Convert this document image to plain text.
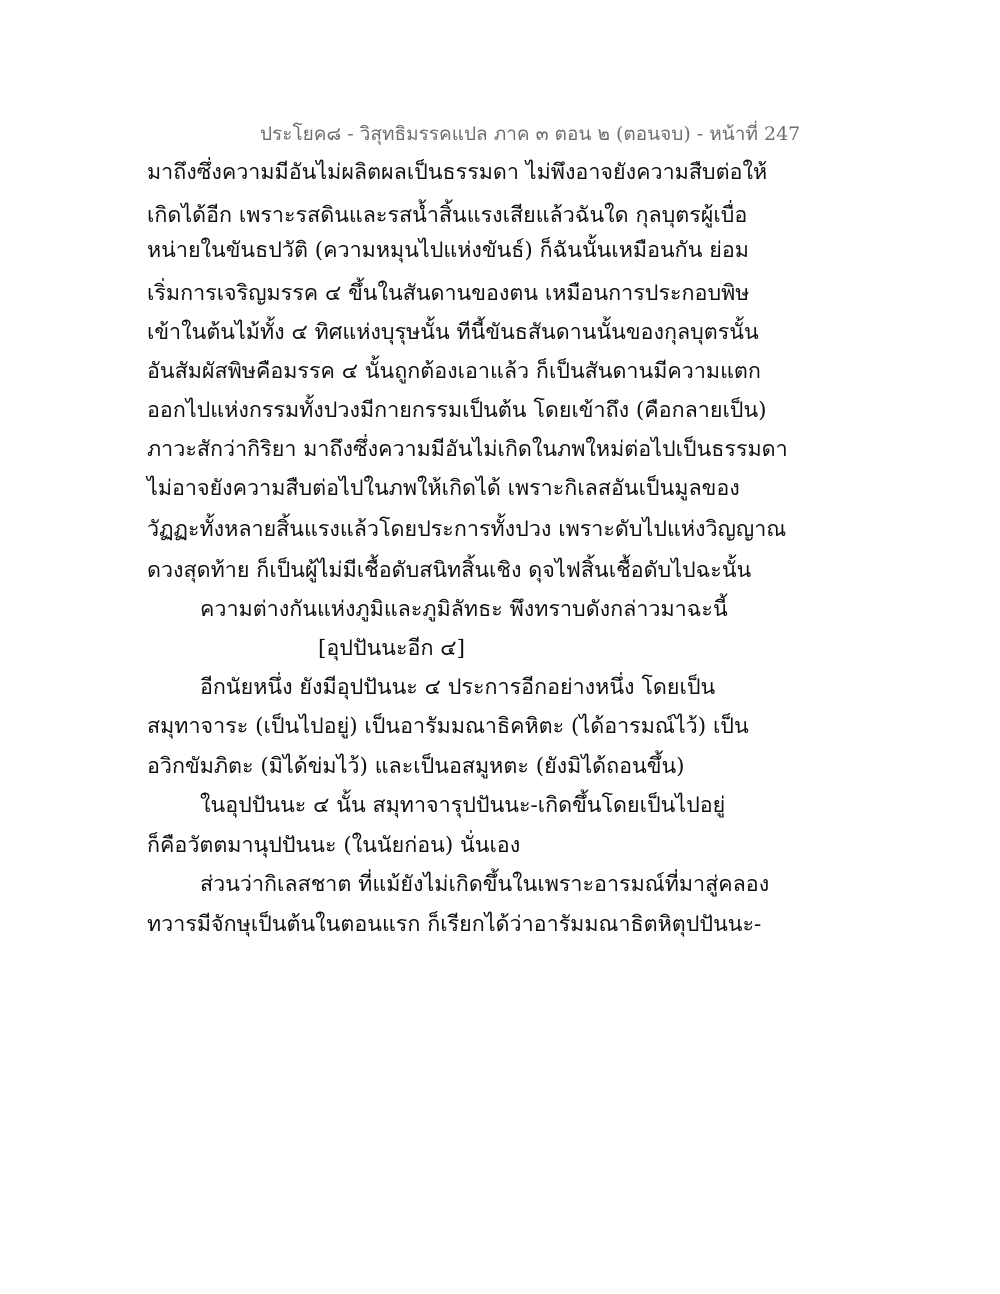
ประโยค๘ - วิสุทธิมรรคแปล ภาค ๓ ตอน ๒ (ตอนจบ) - หน้าที่ 247
มาถึงซึ่งความมีอันไม่ผลิตผลเป็นธรรมดา ไม่พึงอาจยังความสืบต่อให้
เกิดได้อีก เพราะรสดินและรสน้ำสิ้นแรงเสียแล้วฉันใด กุลบุตรผู้เบื่อ
หน่ายในขันธปวัติ (ความหมุนไปแห่งขันธ์) ก็ฉันนั้นเหมือนกัน ย่อม
เริ่มการเจริญมรรค ๔ ขึ้นในสันดานของตน เหมือนการประกอบพิษ
เข้าในต้นไม้ทั้ง ๔ ทิศแห่งบุรุษนั้น ทีนี้ขันธสันดานนั้นของกุลบุตรนั้น
อันสัมผัสพิษคือมรรค ๔ นั้นถูกต้องเอาแล้ว ก็เป็นสันดานมีความแตก
ออกไปแห่งกรรมทั้งปวงมีกายกรรมเป็นต้น โดยเข้าถึง (คือกลายเป็น)
ภาวะสักว่ากิริยา มาถึงซึ่งความมีอันไม่เกิดในภพใหม่ต่อไปเป็นธรรมดา
ไม่อาจยังความสืบต่อไปในภพให้เกิดได้ เพราะกิเลสอันเป็นมูลของ
วัฏฏะทั้งหลายสิ้นแรงแล้วโดยประการทั้งปวง เพราะดับไปแห่งวิญญาณ
ดวงสุดท้าย ก็เป็นผู้ไม่มีเชื้อดับสนิทสิ้นเชิง ดุจไฟสิ้นเชื้อดับไปฉะนั้น
ความต่างกันแห่งภูมิและภูมิลัทธะ พึงทราบดังกล่าวมาฉะนี้
[อุปปันนะอีก ๔]
อีกนัยหนึ่ง ยังมีอุปปันนะ ๔ ประการอีกอย่างหนึ่ง โดยเป็น
สมุทาจาระ (เป็นไปอยู่) เป็นอารัมมณาธิคหิตะ (ได้อารมณ์ไว้) เป็น
อวิกขัมภิตะ (มิได้ข่มไว้) และเป็นอสมูหตะ (ยังมิได้ถอนขึ้น)
ในอุปปันนะ ๔ นั้น สมุทาจารุปปันนะ-เกิดขึ้นโดยเป็นไปอยู่
ก็คือวัตตมานุปปันนะ (ในนัยก่อน) นั่นเอง
ส่วนว่ากิเลสชาต ที่แม้ยังไม่เกิดขึ้นในเพราะอารมณ์ที่มาสู่คลอง
ทวารมีจักษุเป็นต้นในตอนแรก ก็เรียกได้ว่าอารัมมณาธิตหิตุปปันนะ-
